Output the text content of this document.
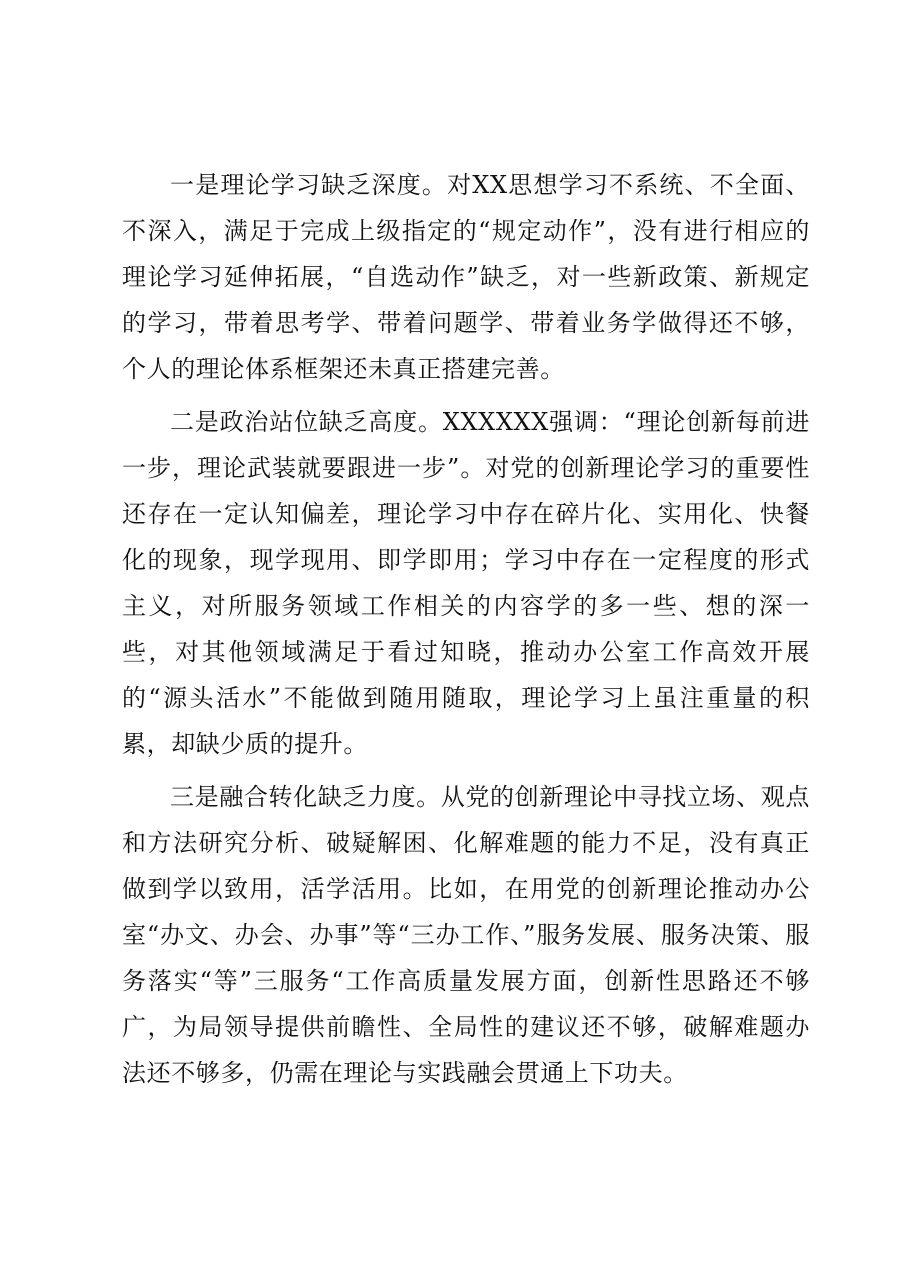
一是理论学习缺乏深度。对XX思想学习不系统、不全面、不深入，满足于完成上级指定的“规定动作”，没有进行相应的理论学习延伸拓展，“自选动作”缺乏，对一些新政策、新规定的学习，带着思考学、带着问题学、带着业务学做得还不够，个人的理论体系框架还未真正搭建完善。

二是政治站位缺乏高度。XXXXXX强调：“理论创新每前进一步，理论武装就要跟进一步”。对党的创新理论学习的重要性还存在一定认知偏差，理论学习中存在碎片化、实用化、快餐化的现象，现学现用、即学即用；学习中存在一定程度的形式主义，对所服务领域工作相关的内容学的多一些、想的深一些，对其他领域满足于看过知晓，推动办公室工作高效开展的“源头活水”不能做到随用随取，理论学习上虽注重量的积累，却缺少质的提升。

三是融合转化缺乏力度。从党的创新理论中寻找立场、观点和方法研究分析、破疑解困、化解难题的能力不足，没有真正做到学以致用，活学活用。比如，在用党的创新理论推动办公室“办文、办会、办事”等“三办工作、”服务发展、服务决策、服务落实“等”三服务“工作高质量发展方面，创新性思路还不够广，为局领导提供前瞻性、全局性的建议还不够，破解难题办法还不够多，仍需在理论与实践融会贯通上下功夫。
